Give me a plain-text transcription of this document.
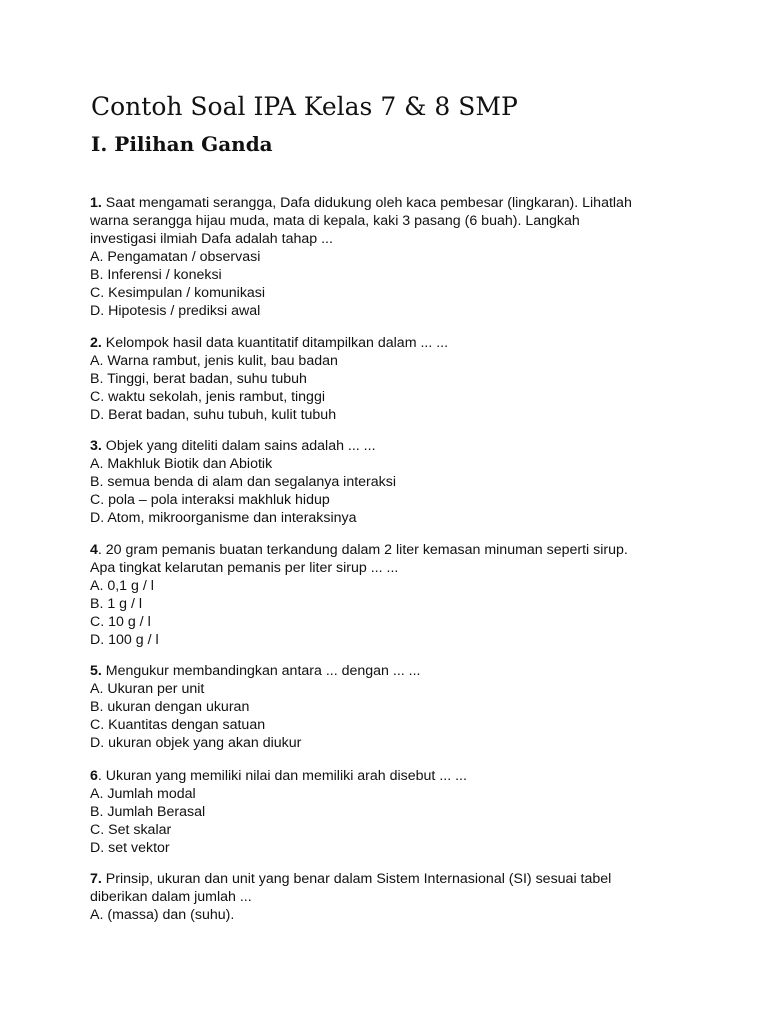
Contoh Soal IPA Kelas 7 & 8 SMP
I. Pilihan Ganda
1. Saat mengamati serangga, Dafa didukung oleh kaca pembesar (lingkaran). Lihatlah
warna serangga hijau muda, mata di kepala, kaki 3 pasang (6 buah). Langkah
investigasi ilmiah Dafa adalah tahap ...
A. Pengamatan / observasi
B. Inferensi / koneksi
C. Kesimpulan / komunikasi
D. Hipotesis / prediksi awal
2. Kelompok hasil data kuantitatif ditampilkan dalam ... ...
A. Warna rambut, jenis kulit, bau badan
B. Tinggi, berat badan, suhu tubuh
C. waktu sekolah, jenis rambut, tinggi
D. Berat badan, suhu tubuh, kulit tubuh
3. Objek yang diteliti dalam sains adalah ... ...
A. Makhluk Biotik dan Abiotik
B. semua benda di alam dan segalanya interaksi
C. pola – pola interaksi makhluk hidup
D. Atom, mikroorganisme dan interaksinya
4. 20 gram pemanis buatan terkandung dalam 2 liter kemasan minuman seperti sirup.
Apa tingkat kelarutan pemanis per liter sirup ... ...
A. 0,1 g / l
B. 1 g / l
C. 10 g / l
D. 100 g / l
5. Mengukur membandingkan antara ... dengan ... ...
A. Ukuran per unit
B. ukuran dengan ukuran
C. Kuantitas dengan satuan
D. ukuran objek yang akan diukur
6. Ukuran yang memiliki nilai dan memiliki arah disebut ... ...
A. Jumlah modal
B. Jumlah Berasal
C. Set skalar
D. set vektor
7. Prinsip, ukuran dan unit yang benar dalam Sistem Internasional (SI) sesuai tabel
diberikan dalam jumlah ...
A. (massa) dan (suhu).
